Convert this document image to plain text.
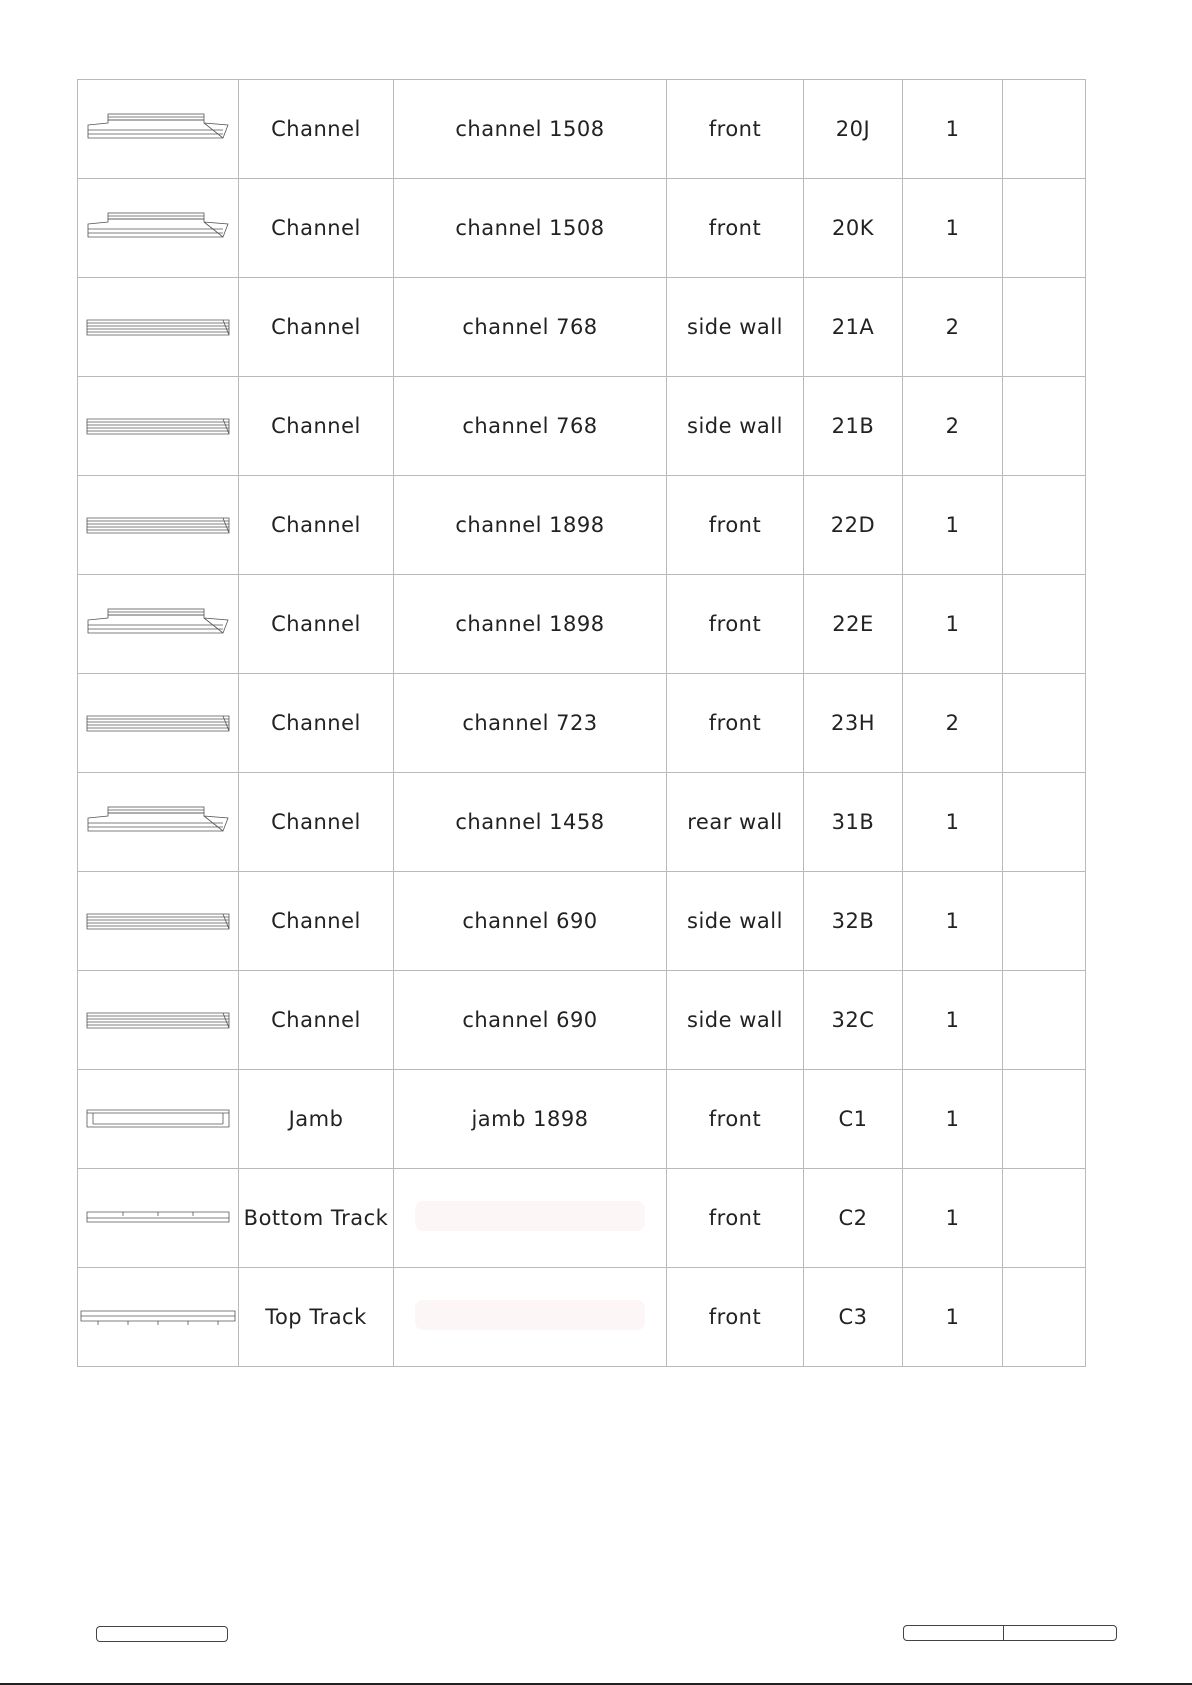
	Channel	channel 1508	front	20J	1	

	Channel	channel 1508	front	20K	1	

	Channel	channel 768	side wall	21A	2	

	Channel	channel 768	side wall	21B	2	

	Channel	channel 1898	front	22D	1	

	Channel	channel 1898	front	22E	1	

	Channel	channel 723	front	23H	2	

	Channel	channel 1458	rear wall	31B	1	

	Channel	channel 690	side wall	32B	1	

	Channel	channel 690	side wall	32C	1	

	Jamb	jamb 1898	front	C1	1	

	Bottom Track		front	C2	1	

	Top Track		front	C3	1	
